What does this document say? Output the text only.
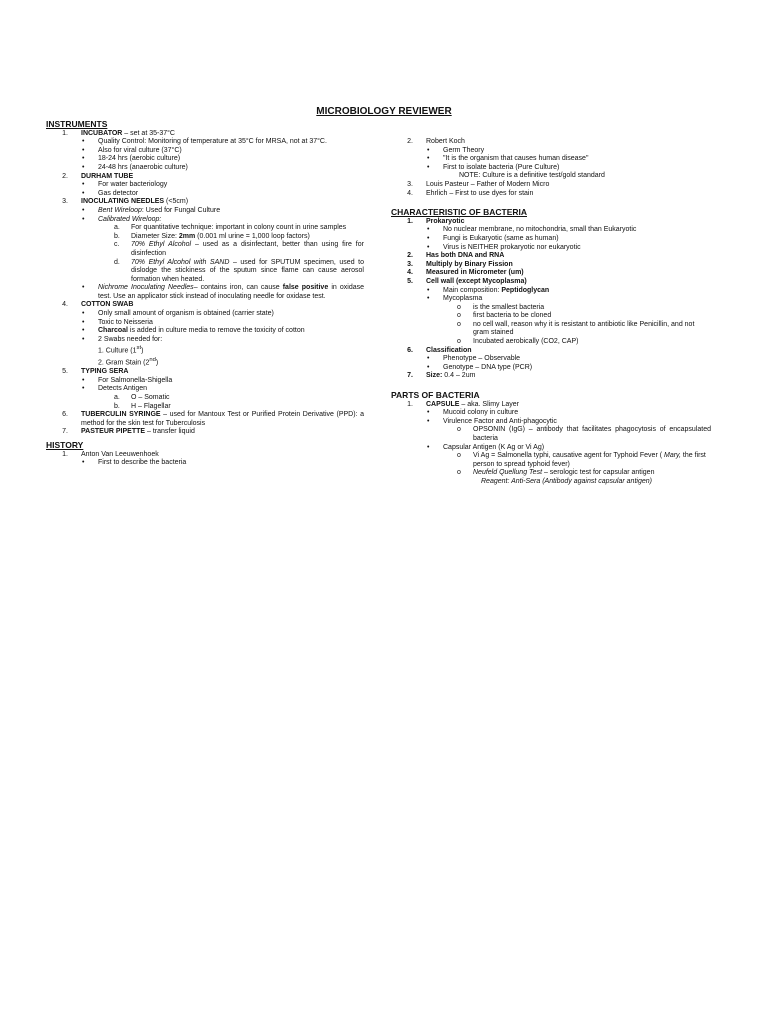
MICROBIOLOGY REVIEWER
INSTRUMENTS
1. INCUBATOR – set at 35-37°C
• Quality Control: Monitoring of temperature at 35°C for MRSA, not at 37°C.
• Also for viral culture (37°C)
• 18-24 hrs (aerobic culture)
• 24-48 hrs (anaerobic culture)
2. DURHAM TUBE
• For water bacteriology
• Gas detector
3. INOCULATING NEEDLES (<5cm)
• Bent Wireloop: Used for Fungal Culture
• Calibrated Wireloop:
a. For quantitative technique: important in colony count in urine samples
b. Diameter Size: 2mm (0.001 ml urine = 1,000 loop factors)
c. 70% Ethyl Alcohol – used as a disinfectant, better than using fire for disinfection
d. 70% Ethyl Alcohol with SAND – used for SPUTUM specimen, used to dislodge the stickiness of the sputum since flame can cause aerosol formation when heated.
• Nichrome Inoculating Needles– contains iron, can cause false positive in oxidase test. Use an applicator stick instead of inoculating needle for oxidase test.
4. COTTON SWAB
• Only small amount of organism is obtained (carrier state)
• Toxic to Neisseria
• Charcoal is added in culture media to remove the toxicity of cotton
• 2 Swabs needed for:
1. Culture (1st)
2. Gram Stain (2nd)
5. TYPING SERA
• For Salmonella-Shigella
• Detects Antigen
a. O – Somatic
b. H – Flagellar
6. TUBERCULIN SYRINGE – used for Mantoux Test or Purified Protein Derivative (PPD): a method for the skin test for Tuberculosis
7. PASTEUR PIPETTE – transfer liquid
HISTORY
1. Anton Van Leeuwenhoek
• First to describe the bacteria
2. Robert Koch
• Germ Theory
• "It is the organism that causes human disease"
• First to isolate bacteria (Pure Culture)
NOTE: Culture is a definitive test/gold standard
3. Louis Pasteur – Father of Modern Micro
4. Ehrlich – First to use dyes for stain
CHARACTERISTIC OF BACTERIA
1. Prokaryotic
• No nuclear membrane, no mitochondria, small than Eukaryotic
• Fungi is Eukaryotic (same as human)
• Virus is NEITHER prokaryotic nor eukaryotic
2. Has both DNA and RNA
3. Multiply by Binary Fission
4. Measured in Micrometer (um)
5. Cell wall (except Mycoplasma)
• Main composition: Peptidoglycan
• Mycoplasma
o is the smallest bacteria
o first bacteria to be cloned
o no cell wall, reason why it is resistant to antibiotic like Penicillin, and not gram stained
o Incubated aerobically (CO2, CAP)
6. Classification
• Phenotype – Observable
• Genotype – DNA type (PCR)
7. Size: 0.4 – 2um
PARTS OF BACTERIA
1. CAPSULE – aka. Slimy Layer
• Mucoid colony in culture
• Virulence Factor and Anti-phagocytic
o OPSONIN (IgG) – antibody that facilitates phagocytosis of encapsulated bacteria
• Capsular Antigen (K Ag or Vi Ag)
o Vi Ag = Salmonella typhi, causative agent for Typhoid Fever ( Mary, the first person to spread typhoid fever)
o Neufeld Quellung Test – serologic test for capsular antigen
Reagent: Anti-Sera (Antibody against capsular antigen)
